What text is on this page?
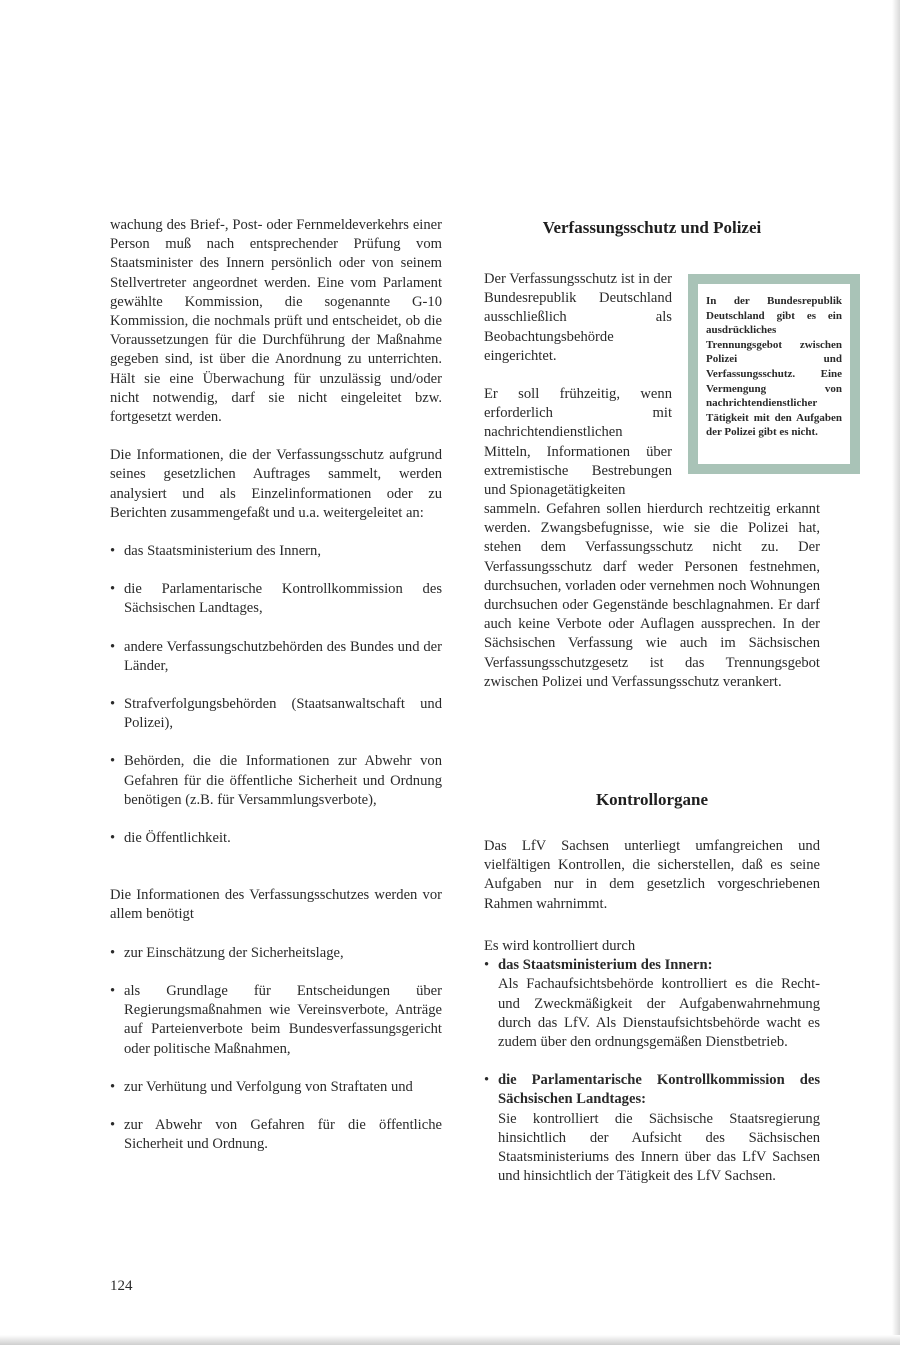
wachung des Brief-, Post- oder Fernmeldeverkehrs einer Person muß nach entsprechender Prüfung vom Staatsminister des Innern persönlich oder von seinem Stellvertreter angeordnet werden. Eine vom Parlament gewählte Kommission, die sogenannte G-10 Kommission, die nochmals prüft und entscheidet, ob die Voraussetzungen für die Durchführung der Maßnahme gegeben sind, ist über die Anordnung zu unterrichten. Hält sie eine Überwachung für unzulässig und/oder nicht notwendig, darf sie nicht eingeleitet bzw. fortgesetzt werden.

Die Informationen, die der Verfassungsschutz aufgrund seines gesetzlichen Auftrages sammelt, werden analysiert und als Einzelinformationen oder zu Berichten zusammengefaßt und u.a. weitergeleitet an:

• das Staatsministerium des Innern,
• die Parlamentarische Kontrollkommission des Sächsischen Landtages,
• andere Verfassungschutzbehörden des Bundes und der Länder,
• Strafverfolgungsbehörden (Staatsanwaltschaft und Polizei),
• Behörden, die die Informationen zur Abwehr von Gefahren für die öffentliche Sicherheit und Ordnung benötigen (z.B. für Versammlungsverbote),
• die Öffentlichkeit.

Die Informationen des Verfassungsschutzes werden vor allem benötigt

• zur Einschätzung der Sicherheitslage,
• als Grundlage für Entscheidungen über Regierungsmaßnahmen wie Vereinsverbote, Anträge auf Parteienverbote beim Bundesverfassungsgericht oder politische Maßnahmen,
• zur Verhütung und Verfolgung von Straftaten und
• zur Abwehr von Gefahren für die öffentliche Sicherheit und Ordnung.
Verfassungsschutz und Polizei

Der Verfassungsschutz ist in der Bundesrepublik Deutschland ausschließlich als Beobachtungsbehörde eingerichtet.

Er soll frühzeitig, wenn erforderlich mit nachrichtendienstlichen Mitteln, Informationen über extremistische Bestrebungen und Spionagetätigkeiten

In der Bundesrepublik Deutschland gibt es ein ausdrückliches Trennungsgebot zwischen Polizei und Verfassungsschutz. Eine Vermengung von nachrichtendienstlicher Tätigkeit mit den Aufgaben der Polizei gibt es nicht.

sammeln. Gefahren sollen hierdurch rechtzeitig erkannt werden. Zwangsbefugnisse, wie sie die Polizei hat, stehen dem Verfassungsschutz nicht zu. Der Verfassungsschutz darf weder Personen festnehmen, durchsuchen, vorladen oder vernehmen noch Wohnungen durchsuchen oder Gegenstände beschlagnahmen. Er darf auch keine Verbote oder Auflagen aussprechen. In der Sächsischen Verfassung wie auch im Sächsischen Verfassungsschutzgesetz ist das Trennungsgebot zwischen Polizei und Verfassungsschutz verankert.

Kontrollorgane

Das LfV Sachsen unterliegt umfangreichen und vielfältigen Kontrollen, die sicherstellen, daß es seine Aufgaben nur in dem gesetzlich vorgeschriebenen Rahmen wahrnimmt.

Es wird kontrolliert durch

• das Staatsministerium des Innern:
Als Fachaufsichtsbehörde kontrolliert es die Recht- und Zweckmäßigkeit der Aufgabenwahrnehmung durch das LfV. Als Dienstaufsichtsbehörde wacht es zudem über den ordnungsgemäßen Dienstbetrieb.
• die Parlamentarische Kontrollkommission des Sächsischen Landtages:
Sie kontrolliert die Sächsische Staatsregierung hinsichtlich der Aufsicht des Sächsischen Staatsministeriums des Innern über das LfV Sachsen und hinsichtlich der Tätigkeit des LfV Sachsen.
124
